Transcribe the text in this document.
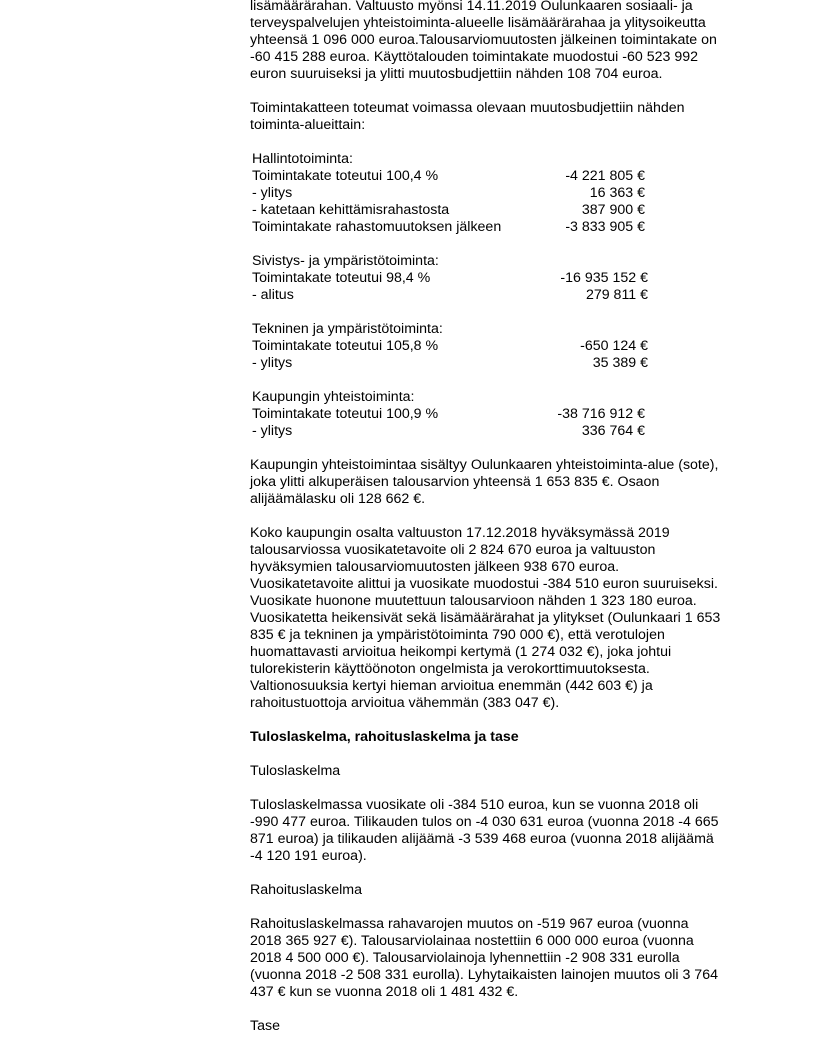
lisämäärärahan. Valtuusto myönsi 14.11.2019 Oulunkaaren sosiaali- ja
terveyspalvelujen yhteistoiminta-alueelle lisämäärärahaa ja ylitysoikeutta
yhteensä 1 096 000 euroa.Talousarviomuutosten jälkeinen toimintakate on
-60 415 288 euroa. Käyttötalouden toimintakate muodostui -60 523 992
euron suuruiseksi ja ylitti muutosbudjettiin nähden 108 704 euroa.

Toimintakatteen toteumat voimassa olevaan muutosbudjettiin nähden
toiminta-alueittain:

Hallintotoiminta:
Toimintakate toteutui 100,4 %	-4 221 805 €
- ylitys	16 363 €
- katetaan kehittämisrahastosta	387 900 €
Toimintakate rahastomuutoksen jälkeen	-3 833 905 €
Sivistys- ja ympäristötoiminta:
Toimintakate toteutui 98,4 %	-16 935 152 €
- alitus	279 811 €
Tekninen ja ympäristötoiminta:
Toimintakate toteutui 105,8 %	-650 124 €
- ylitys	35 389 €
Kaupungin yhteistoiminta:
Toimintakate toteutui 100,9 %	-38 716 912 €
- ylitys	336 764 €

Kaupungin yhteistoimintaa sisältyy Oulunkaaren yhteistoiminta-alue (sote),
joka ylitti alkuperäisen talousarvion yhteensä 1 653 835 €. Osaon
alijäämälasku oli 128 662 €.

Koko kaupungin osalta valtuuston 17.12.2018 hyväksymässä 2019
talousarviossa vuosikatetavoite oli 2 824 670 euroa ja valtuuston
hyväksymien talousarviomuutosten jälkeen 938 670 euroa.
Vuosikatetavoite alittui ja vuosikate muodostui -384 510 euron suuruiseksi.
Vuosikate huonone muutettuun talousarvioon nähden 1 323 180 euroa.
Vuosikatetta heikensivät sekä lisämäärärahat ja ylitykset (Oulunkaari 1 653
835 € ja tekninen ja ympäristötoiminta 790 000 €), että verotulojen
huomattavasti arvioitua heikompi kertymä (1 274 032 €), joka johtui
tulorekisterin käyttöönoton ongelmista ja verokorttimuutoksesta.
Valtionosuuksia kertyi hieman arvioitua enemmän (442 603 €) ja
rahoitustuottoja arvioitua vähemmän (383 047 €).

Tuloslaskelma, rahoituslaskelma ja tase

Tuloslaskelma

Tuloslaskelmassa vuosikate oli -384 510 euroa, kun se vuonna 2018 oli
-990 477 euroa. Tilikauden tulos on -4 030 631 euroa (vuonna 2018 -4 665
871 euroa) ja tilikauden alijäämä -3 539 468 euroa (vuonna 2018 alijäämä
-4 120 191 euroa).

Rahoituslaskelma

Rahoituslaskelmassa rahavarojen muutos on -519 967 euroa (vuonna
2018 365 927 €). Talousarviolainaa nostettiin 6 000 000 euroa (vuonna
2018 4 500 000 €). Talousarviolainoja lyhennettiin -2 908 331 eurolla
(vuonna 2018 -2 508 331 eurolla). Lyhytaikaisten lainojen muutos oli 3 764
437 € kun se vuonna 2018 oli 1 481 432 €.

Tase
